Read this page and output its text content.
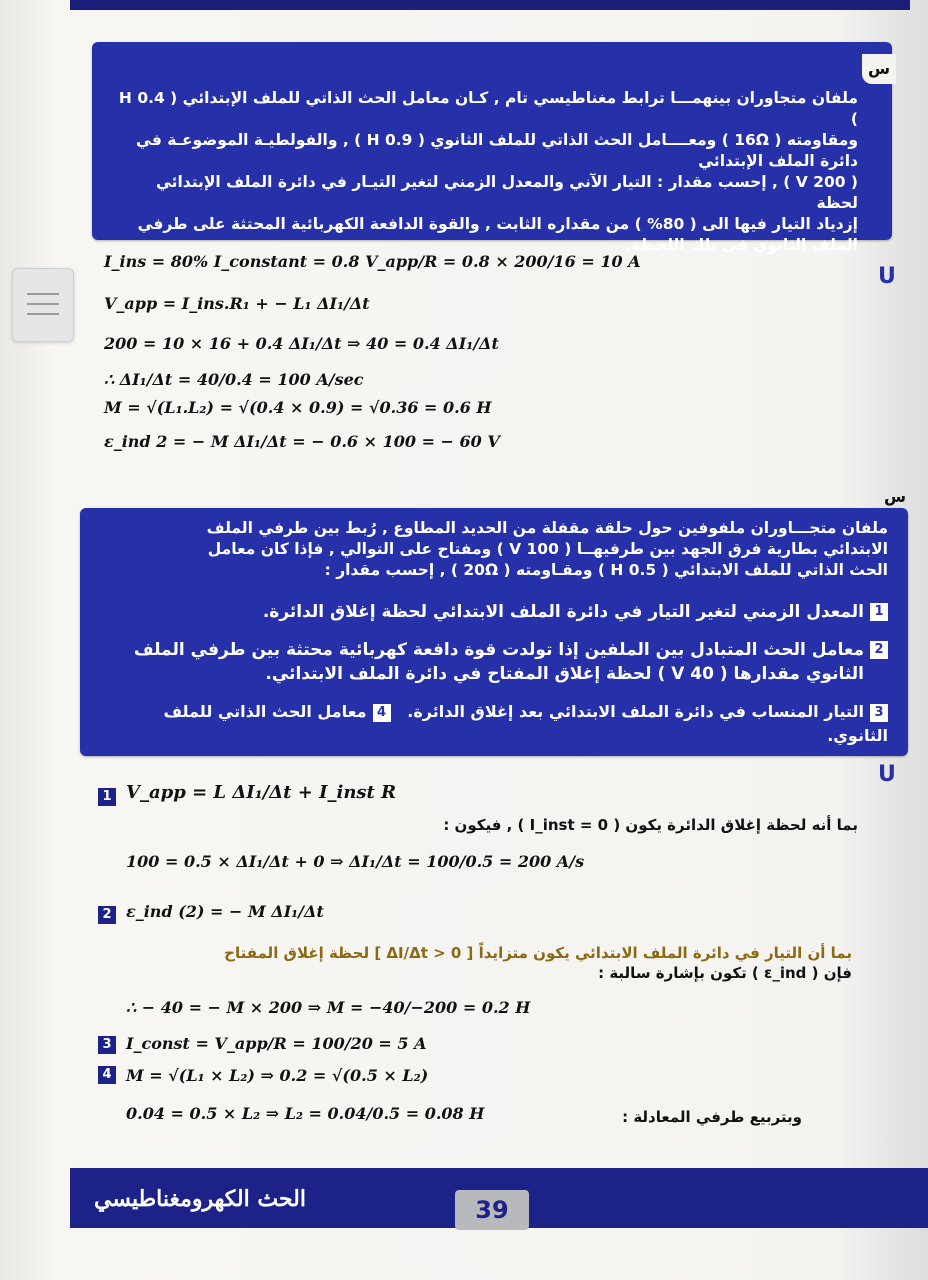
س
ملفان متجاوران بينهمـــا ترابط مغناطيسي تام , كـان معامل الحث الذاتي للملف الإبتدائي ( 0.4 H )
ومقاومته ( 16Ω ) ومعــــامل الحث الذاتي للملف الثانوي ( 0.9 H ) , والفولطيـة الموضوعـة في
دائرة الملف الإبتدائي
( 200 V ) , إحسب مقدار : التيار الآني والمعدل الزمني لتغير التيـار في دائرة الملف الإبتدائي لحظة
إزدياد التيار فيها الى ( 80% ) من مقداره الثابت , والقوة الدافعة الكهربائية المحتثة على طرفي
الملف الثانوي في تلك اللحظة.
U
I_ins = 80% I_constant = 0.8 V_app/R = 0.8 × 200/16 = 10 A
V_app = I_ins.R₁ + − L₁ ΔI₁/Δt
200 = 10 × 16 + 0.4 ΔI₁/Δt ⇒ 40 = 0.4 ΔI₁/Δt
∴ ΔI₁/Δt = 40/0.4 = 100 A/sec
M = √(L₁.L₂) = √(0.4 × 0.9) = √0.36 = 0.6 H
ε_ind 2 = − M ΔI₁/Δt = − 0.6 × 100 = − 60 V
س
ملفان متجـــاوران ملفوفين حول حلقة مقفلة من الحديد المطاوع , رُبط بين طرفي الملف
الابتدائي بطارية فرق الجهد بين طرفيهــا ( 100 V ) ومفتاح على التوالي , فإذا كان معامل
الحث الذاتي للملف الابتدائي ( 0.5 H ) ومقـاومته ( 20Ω ) , إحسب مقدار :
1المعدل الزمني لتغير التيار في دائرة الملف الابتدائي لحظة إغلاق الدائرة.
2معامل الحث المتبادل بين الملفين إذا تولدت قوة دافعة كهربائية محتثة بين طرفي الملف
الثانوي مقدارها ( 40 V ) لحظة إغلاق المفتاح في دائرة الملف الابتدائي.
3التيار المنساب في دائرة الملف الابتدائي بعد إغلاق الدائرة.   4معامل الحث الذاتي للملف الثانوي.
U
1 V_app = L ΔI₁/Δt + I_inst R
بما أنه لحظة إغلاق الدائرة يكون ( I_inst = 0 ) , فيكون :
100 = 0.5 × ΔI₁/Δt + 0 ⇒ ΔI₁/Δt = 100/0.5 = 200 A/s
2 ε_ind (2) = − M ΔI₁/Δt
بما أن التيار في دائرة الملف الابتدائي يكون متزايداً [ ΔI/Δt > 0 ] لحظة إغلاق المفتاح
فإن ( ε_ind ) تكون بإشارة سالبة :
∴ − 40 = − M × 200 ⇒ M = −40/−200 = 0.2 H
3 I_const = V_app/R = 100/20 = 5 A
4 M = √(L₁ × L₂) ⇒ 0.2 = √(0.5 × L₂)
0.04 = 0.5 × L₂ ⇒ L₂ = 0.04/0.5 = 0.08 H	وبتربيع طرفي المعادلة :
الحث الكهرومغناطيسي	39
